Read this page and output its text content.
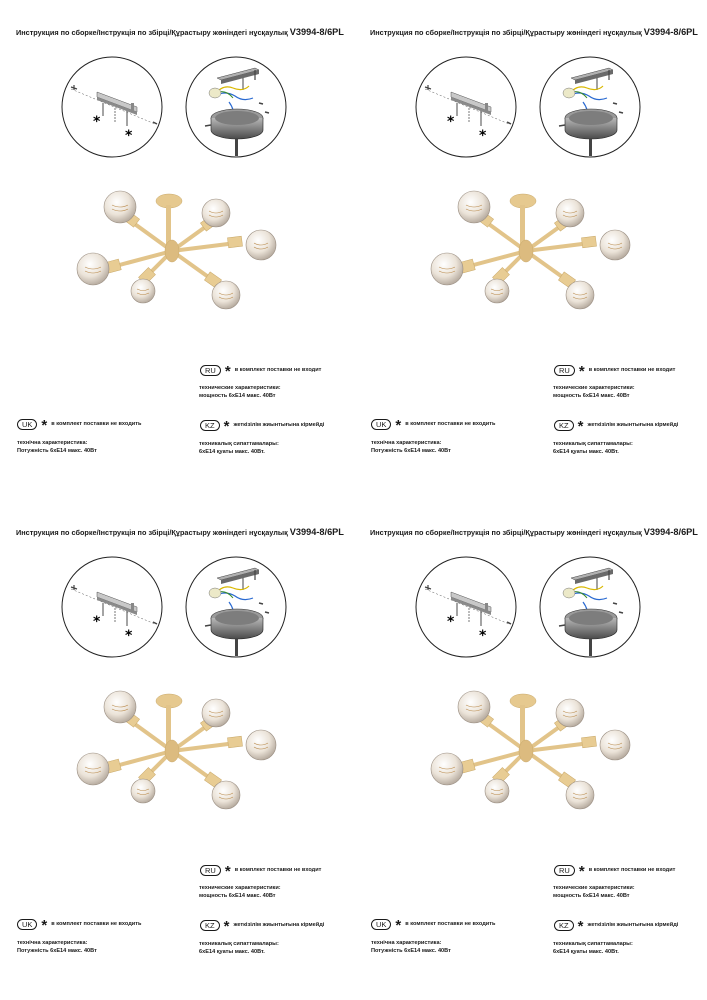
Инструкция по сборке/Інструкція по збірці/Құрастыру жөніндегі нұсқаулық V3994-8/6PL
*
*
RU * в комплект поставки не входит
технические характеристики:
мощность 6xE14 макс. 40Вт
UK * в комплект поставки не входить
технічна характеристика:
Потужність 6xE14 макс. 40Вт
KZ * жеткізілім жиынтығына кірмейді
техникалық сипаттамалары:
6xE14 қуаты макс. 40Вт.
Инструкция по сборке/Інструкція по збірці/Құрастыру жөніндегі нұсқаулық V3994-8/6PL
*
*
RU * в комплект поставки не входит
технические характеристики:
мощность 6xE14 макс. 40Вт
UK * в комплект поставки не входить
технічна характеристика:
Потужність 6xE14 макс. 40Вт
KZ * жеткізілім жиынтығына кірмейді
техникалық сипаттамалары:
6xE14 қуаты макс. 40Вт.
Инструкция по сборке/Інструкція по збірці/Құрастыру жөніндегі нұсқаулық V3994-8/6PL
*
*
RU * в комплект поставки не входит
технические характеристики:
мощность 6xE14 макс. 40Вт
UK * в комплект поставки не входить
технічна характеристика:
Потужність 6xE14 макс. 40Вт
KZ * жеткізілім жиынтығына кірмейді
техникалық сипаттамалары:
6xE14 қуаты макс. 40Вт.
Инструкция по сборке/Інструкція по збірці/Құрастыру жөніндегі нұсқаулық V3994-8/6PL
*
*
RU * в комплект поставки не входит
технические характеристики:
мощность 6xE14 макс. 40Вт
UK * в комплект поставки не входить
технічна характеристика:
Потужність 6xE14 макс. 40Вт
KZ * жеткізілім жиынтығына кірмейді
техникалық сипаттамалары:
6xE14 қуаты макс. 40Вт.
